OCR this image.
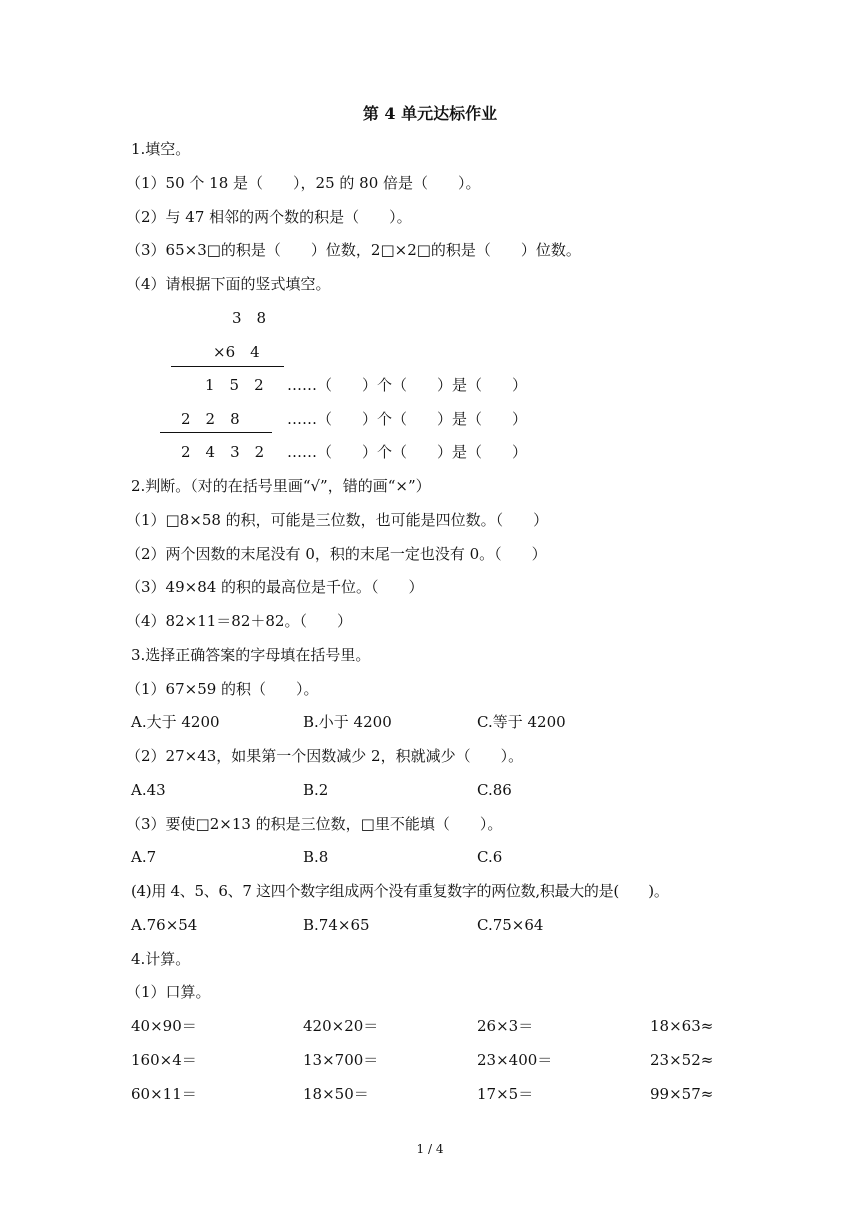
第 4 单元达标作业
1.填空。
（1）50 个 18 是（　　），25 的 80 倍是（　　）。
（2）与 47 相邻的两个数的积是（　　）。
（3）65×3□的积是（　　）位数，2□×2□的积是（　　）位数。
（4）请根据下面的竖式填空。
3　8
×6　4
1　5　2 ……（　　）个（　　）是（　　）
2　2　8	……（　　）个（　　）是（　　）
2　4　3　2 ……（　　）个（　　）是（　　）
2.判断。（对的在括号里画“√”，错的画“×”）
（1）□8×58 的积，可能是三位数，也可能是四位数。（　　）
（2）两个因数的末尾没有 0，积的末尾一定也没有 0。（　　）
（3）49×84 的积的最高位是千位。（　　）
（4）82×11＝82＋82。（　　）
3.选择正确答案的字母填在括号里。
（1）67×59 的积（　　）。
A.大于 4200	B.小于 4200	C.等于 4200
（2）27×43，如果第一个因数减少 2，积就减少（　　）。
A.43	B.2	C.86
（3）要使□2×13 的积是三位数，□里不能填（　　）。
A.7	B.8	C.6
(4)用 4、5、6、7 这四个数字组成两个没有重复数字的两位数,积最大的是(　　)。
A.76×54	B.74×65	C.75×64
4.计算。
（1）口算。
40×90＝	420×20＝	26×3＝	18×63≈
160×4＝	13×700＝	23×400＝	23×52≈
60×11＝	18×50＝	17×5＝	99×57≈
1 / 4
